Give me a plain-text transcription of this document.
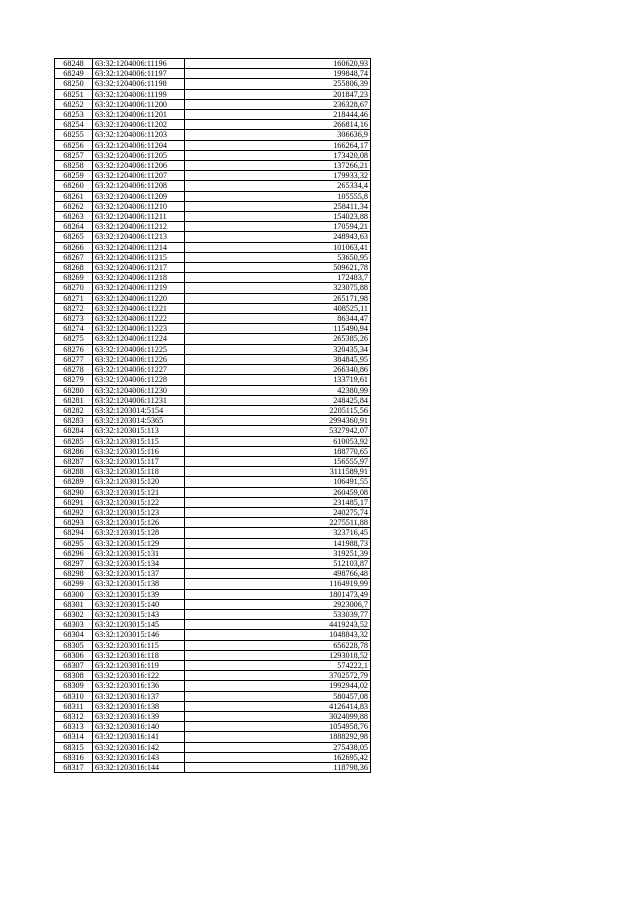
68248	63:32:1204006:11196	160620,93
68249	63:32:1204006:11197	199848,74
68250	63:32:1204006:11198	255806,39
68251	63:32:1204006:11199	201847,23
68252	63:32:1204006:11200	236328,67
68253	63:32:1204006:11201	218444,46
68254	63:32:1204006:11202	266814,16
68255	63:32:1204006:11203	306636,9
68256	63:32:1204006:11204	166264,17
68257	63:32:1204006:11205	173420,08
68258	63:32:1204006:11206	137266,21
68259	63:32:1204006:11207	179933,32
68260	63:32:1204006:11208	265334,4
68261	63:32:1204006:11209	105555,8
68262	63:32:1204006:11210	258411,34
68263	63:32:1204006:11211	154023,88
68264	63:32:1204006:11212	170594,21
68265	63:32:1204006:11213	248943,63
68266	63:32:1204006:11214	101063,41
68267	63:32:1204006:11215	53650,95
68268	63:32:1204006:11217	509621,78
68269	63:32:1204006:11218	172483,7
68270	63:32:1204006:11219	323075,88
68271	63:32:1204006:11220	265171,98
68272	63:32:1204006:11221	408525,11
68273	63:32:1204006:11222	86344,47
68274	63:32:1204006:11223	115490,94
68275	63:32:1204006:11224	265385,26
68276	63:32:1204006:11225	320435,34
68277	63:32:1204006:11226	384845,95
68278	63:32:1204006:11227	266340,86
68279	63:32:1204006:11228	133719,61
68280	63:32:1204006:11230	42380,99
68281	63:32:1204006:11231	248425,84
68282	63:32:1203014:5154	2205115,56
68283	63:32:1203014:5365	2994360,91
68284	63:32:1203015:113	5327942,07
68285	63:32:1203015:115	610053,92
68286	63:32:1203015:116	188770,65
68287	63:32:1203015:117	156555,97
68288	63:32:1203015:118	3111589,91
68289	63:32:1203015:120	106491,55
68290	63:32:1203015:121	260459,08
68291	63:32:1203015:122	231485,17
68292	63:32:1203015:123	240275,74
68293	63:32:1203015:126	2275511,88
68294	63:32:1203015:128	323716,45
68295	63:32:1203015:129	141988,73
68296	63:32:1203015:131	319251,39
68297	63:32:1203015:134	512103,87
68298	63:32:1203015:137	498766,48
68299	63:32:1203015:138	1164919,99
68300	63:32:1203015:139	1801473,49
68301	63:32:1203015:140	2923006,7
68302	63:32:1203015:143	533039,77
68303	63:32:1203015:145	4419243,52
68304	63:32:1203015:146	1048843,32
68305	63:32:1203016:115	656228,78
68306	63:32:1203016:118	1293018,52
68307	63:32:1203016:119	574222,1
68308	63:32:1203016:122	3702572,79
68309	63:32:1203016:136	1992944,02
68310	63:32:1203016:137	580457,08
68311	63:32:1203016:138	4126414,83
68312	63:32:1203016:139	3024099,88
68313	63:32:1203016:140	1054958,76
68314	63:32:1203016:141	1888292,98
68315	63:32:1203016:142	275438,05
68316	63:32:1203016:143	162695,42
68317	63:32:1203016:144	118798,36
